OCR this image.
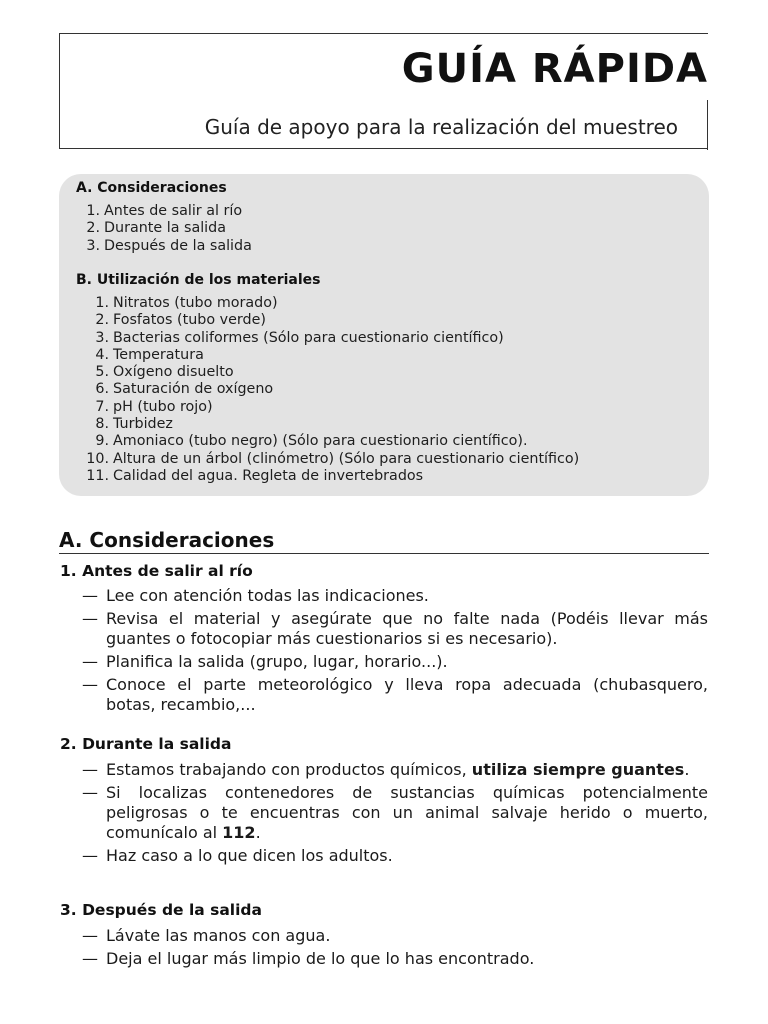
GUÍA RÁPIDA

Guía de apoyo para la realización del muestreo

A. Consideraciones

1. Antes de salir al río
2. Durante la salida
3. Después de la salida

B. Utilización de los materiales

1. Nitratos (tubo morado)
2. Fosfatos (tubo verde)
3. Bacterias coliformes (Sólo para cuestionario científico)
4. Temperatura
5. Oxígeno disuelto
6. Saturación de oxígeno
7. pH (tubo rojo)
8. Turbidez
9. Amoniaco (tubo negro) (Sólo para cuestionario científico).
10. Altura de un árbol (clinómetro) (Sólo para cuestionario científico)
11. Calidad del agua. Regleta de invertebrados
A. Consideraciones

1. Antes de salir al río

— Lee con atención todas las indicaciones.
— Revisa el material y asegúrate que no falte nada (Podéis llevar más guantes o fotocopiar más cuestionarios si es necesario).
— Planifica la salida (grupo, lugar, horario...).
— Conoce el parte meteorológico y lleva ropa adecuada (chubasquero, botas, recambio,...

2. Durante la salida

— Estamos trabajando con productos químicos, utiliza siempre guantes.
— Si localizas contenedores de sustancias químicas potencialmente peligrosas o te encuentras con un animal salvaje herido o muerto, comunícalo al 112.
— Haz caso a lo que dicen los adultos.

3. Después de la salida

— Lávate las manos con agua.
— Deja el lugar más limpio de lo que lo has encontrado.
